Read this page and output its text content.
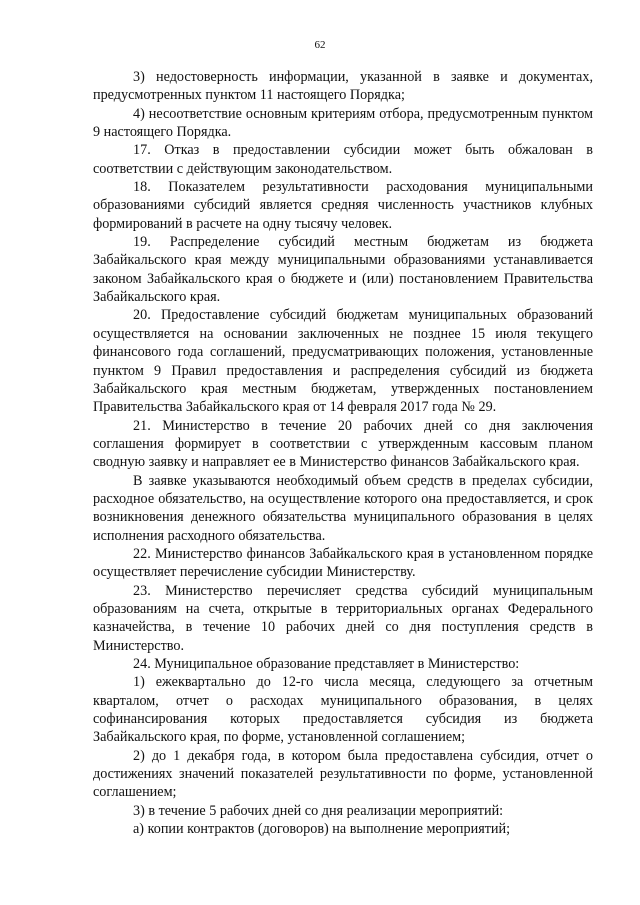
62

3) недостоверность информации, указанной в заявке и документах, предусмотренных пунктом 11 настоящего Порядка;

4) несоответствие основным критериям отбора, предусмотренным пунктом 9 настоящего Порядка.

17. Отказ в предоставлении субсидии может быть обжалован в соответствии с действующим законодательством.

18. Показателем результативности расходования муниципальными образованиями субсидий является средняя численность участников клубных формирований в расчете на одну тысячу человек.

19. Распределение субсидий местным бюджетам из бюджета Забайкальского края между муниципальными образованиями устанавливается законом Забайкальского края о бюджете и (или) постановлением Правительства Забайкальского края.

20. Предоставление субсидий бюджетам муниципальных образований осуществляется на основании заключенных не позднее 15 июля текущего финансового года соглашений, предусматривающих положения, установленные пунктом 9 Правил предоставления и распределения субсидий из бюджета Забайкальского края местным бюджетам, утвержденных постановлением Правительства Забайкальского края от 14 февраля 2017 года № 29.

21. Министерство в течение 20 рабочих дней со дня заключения соглашения формирует в соответствии с утвержденным кассовым планом сводную заявку и направляет ее в Министерство финансов Забайкальского края.

В заявке указываются необходимый объем средств в пределах субсидии, расходное обязательство, на осуществление которого она предоставляется, и срок возникновения денежного обязательства муниципального образования в целях исполнения расходного обязательства.

22. Министерство финансов Забайкальского края в установленном порядке осуществляет перечисление субсидии Министерству.

23. Министерство перечисляет средства субсидий муниципальным образованиям на счета, открытые в территориальных органах Федерального казначейства, в течение 10 рабочих дней со дня поступления средств в Министерство.

24. Муниципальное образование представляет в Министерство:

1) ежеквартально до 12-го числа месяца, следующего за отчетным кварталом, отчет о расходах муниципального образования, в целях софинансирования которых предоставляется субсидия из бюджета Забайкальского края, по форме, установленной соглашением;

2) до 1 декабря года, в котором была предоставлена субсидия, отчет о достижениях значений показателей результативности по форме, установленной соглашением;

3) в течение 5 рабочих дней со дня реализации мероприятий:

а) копии контрактов (договоров) на выполнение мероприятий;
